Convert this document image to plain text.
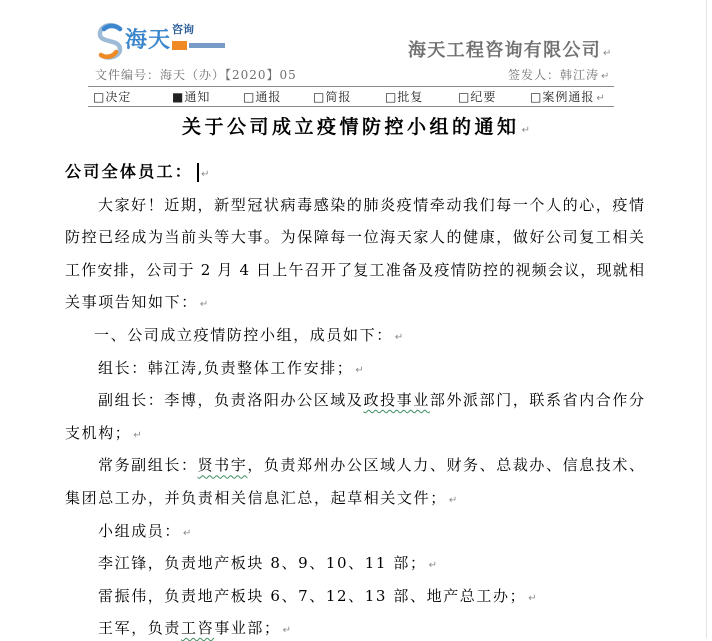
海天 咨询
海天工程咨询有限公司 ↵
文件编号：海天（办）【2020】05	签发人：韩江涛 ↵
□决定	■通知	□通报	□简报	□批复	□纪要	□案例通报 ↵
关于公司成立疫情防控小组的通知 ↵
公司全体员工： ↵
大家好！近期，新型冠状病毒感染的肺炎疫情牵动我们每一个人的心，疫情
防控已经成为当前头等大事。为保障每一位海天家人的健康，做好公司复工相关
工作安排，公司于 2 月 4 日上午召开了复工准备及疫情防控的视频会议，现就相
关事项告知如下： ↵
一、公司成立疫情防控小组，成员如下： ↵
组长：韩江涛,负责整体工作安排； ↵
副组长：李博，负责洛阳办公区域及政投事业部外派部门，联系省内合作分
支机构； ↵
常务副组长：贤书宇，负责郑州办公区域人力、财务、总裁办、信息技术、
集团总工办，并负责相关信息汇总，起草相关文件； ↵
小组成员： ↵
李江锋，负责地产板块 8、9、10、11 部； ↵
雷振伟，负责地产板块 6、7、12、13 部、地产总工办； ↵
王军，负责工咨事业部； ↵
